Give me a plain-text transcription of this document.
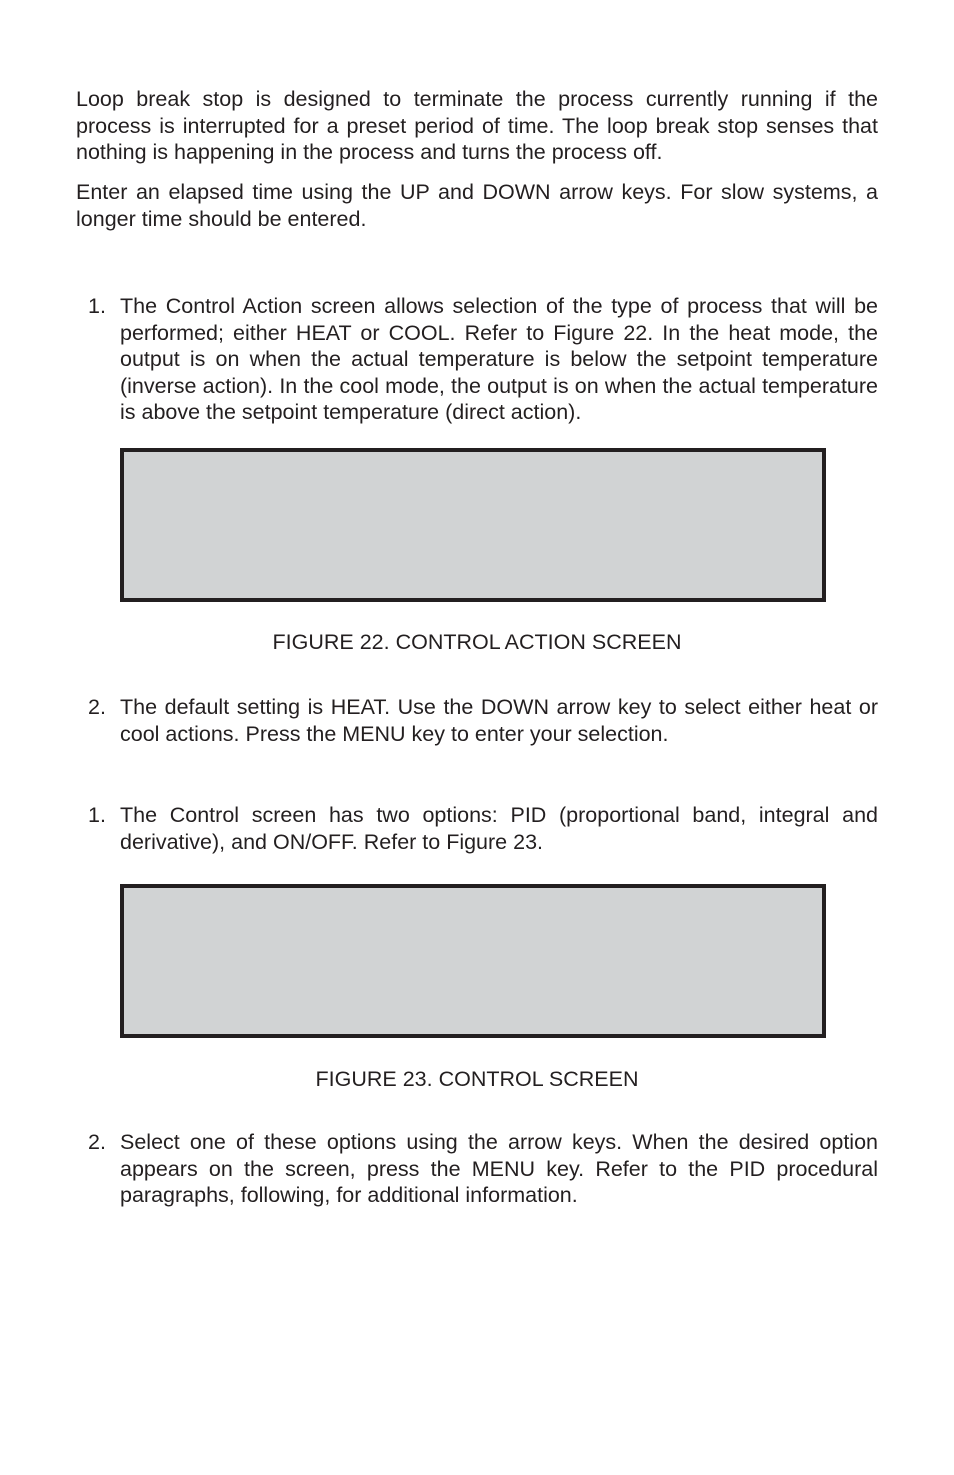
Loop break stop is designed to terminate the process currently running if the process is interrupted for a preset period of time. The loop break stop senses that nothing is happening in the process and turns the process off.

Enter an elapsed time using the UP and DOWN arrow keys. For slow systems, a longer time should be entered.

1. The Control Action screen allows selection of the type of process that will be performed; either HEAT or COOL. Refer to Figure 22. In the heat mode, the output is on when the actual temperature is below the setpoint temperature (inverse action). In the cool mode, the output is on when the actual temperature is above the setpoint temperature (direct action).

FIGURE 22. CONTROL ACTION SCREEN

2. The default setting is HEAT. Use the DOWN arrow key to select either heat or cool actions. Press the MENU key to enter your selection.
1. The Control screen has two options: PID (proportional band, integral and derivative), and ON/OFF. Refer to Figure 23.

FIGURE 23. CONTROL SCREEN

2. Select one of these options using the arrow keys. When the desired option appears on the screen, press the MENU key. Refer to the PID procedural paragraphs, following, for additional information.
